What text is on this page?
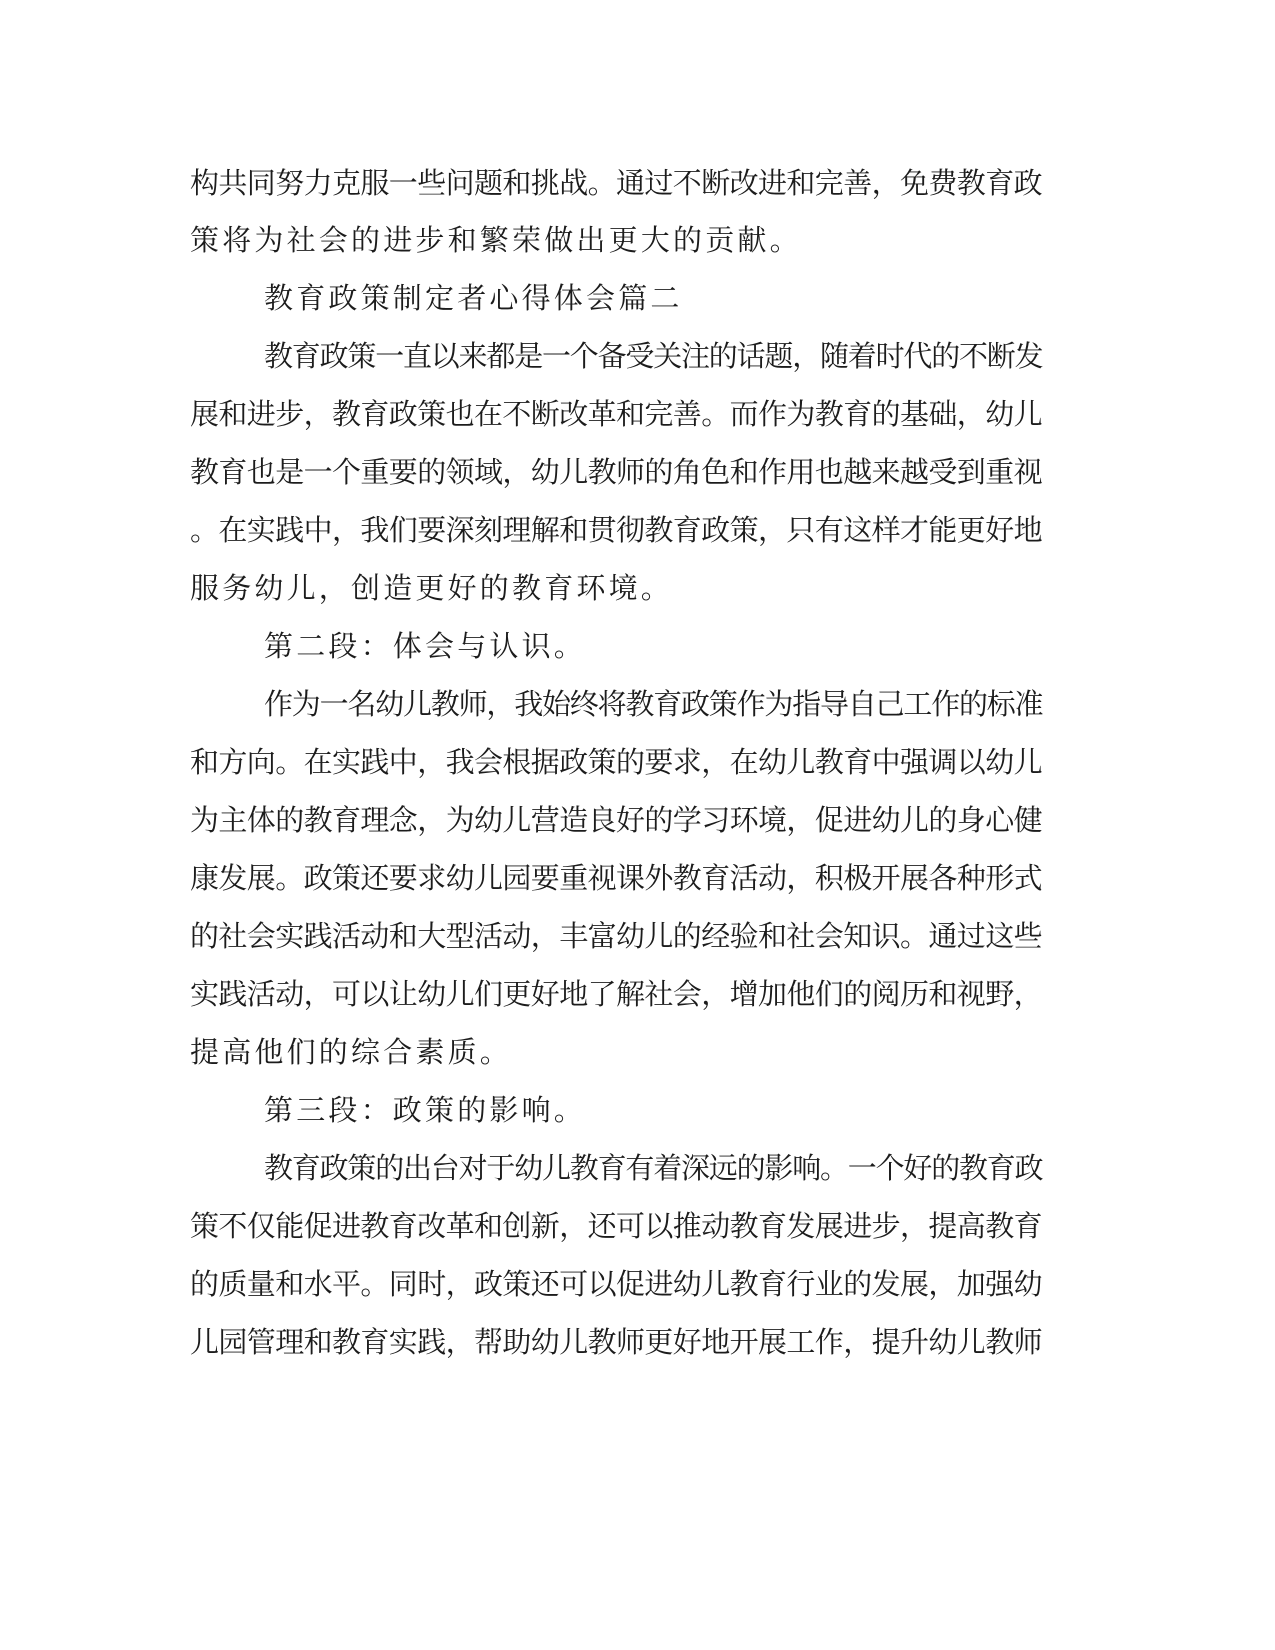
构共同努力克服一些问题和挑战。通过不断改进和完善，免费教育政

策将为社会的进步和繁荣做出更大的贡献。

教育政策制定者心得体会篇二

教育政策一直以来都是一个备受关注的话题，随着时代的不断发

展和进步，教育政策也在不断改革和完善。而作为教育的基础，幼儿

教育也是一个重要的领域，幼儿教师的角色和作用也越来越受到重视

。在实践中，我们要深刻理解和贯彻教育政策，只有这样才能更好地

服务幼儿，创造更好的教育环境。

第二段：体会与认识。

作为一名幼儿教师，我始终将教育政策作为指导自己工作的标准

和方向。在实践中，我会根据政策的要求，在幼儿教育中强调以幼儿

为主体的教育理念，为幼儿营造良好的学习环境，促进幼儿的身心健

康发展。政策还要求幼儿园要重视课外教育活动，积极开展各种形式

的社会实践活动和大型活动，丰富幼儿的经验和社会知识。通过这些

实践活动，可以让幼儿们更好地了解社会，增加他们的阅历和视野，

提高他们的综合素质。

第三段：政策的影响。

教育政策的出台对于幼儿教育有着深远的影响。一个好的教育政

策不仅能促进教育改革和创新，还可以推动教育发展进步，提高教育

的质量和水平。同时，政策还可以促进幼儿教育行业的发展，加强幼

儿园管理和教育实践，帮助幼儿教师更好地开展工作，提升幼儿教师
